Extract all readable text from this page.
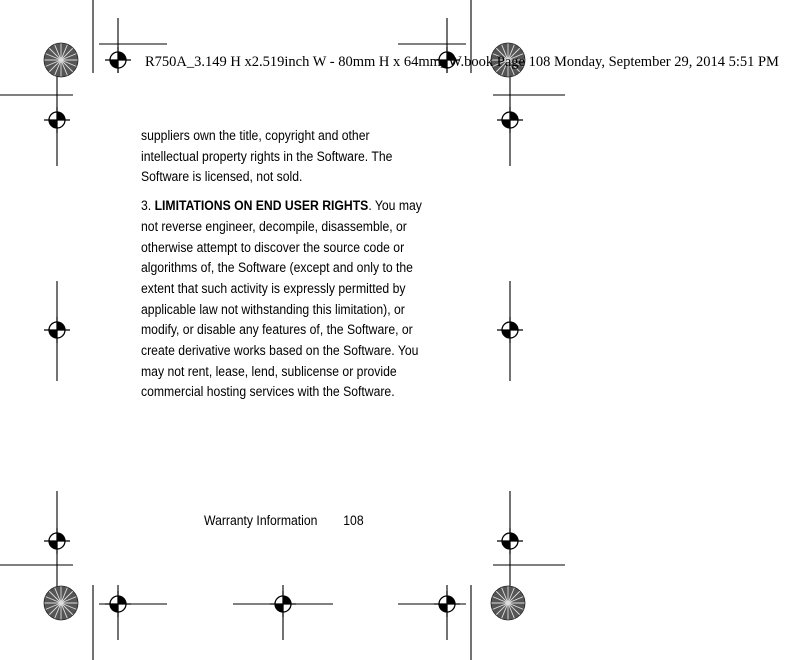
R750A_3.149 H x2.519inch W - 80mm H x 64mm_W.book Page 108 Monday, September 29, 2014 5:51 PM

suppliers own the title, copyright and other intellectual property rights in the Software. The Software is licensed, not sold.

3. LIMITATIONS ON END USER RIGHTS. You may not reverse engineer, decompile, disassemble, or otherwise attempt to discover the source code or algorithms of, the Software (except and only to the extent that such activity is expressly permitted by applicable law not withstanding this limitation), or modify, or disable any features of, the Software, or create derivative works based on the Software. You may not rent, lease, lend, sublicense or provide commercial hosting services with the Software.

Warranty Information 108
